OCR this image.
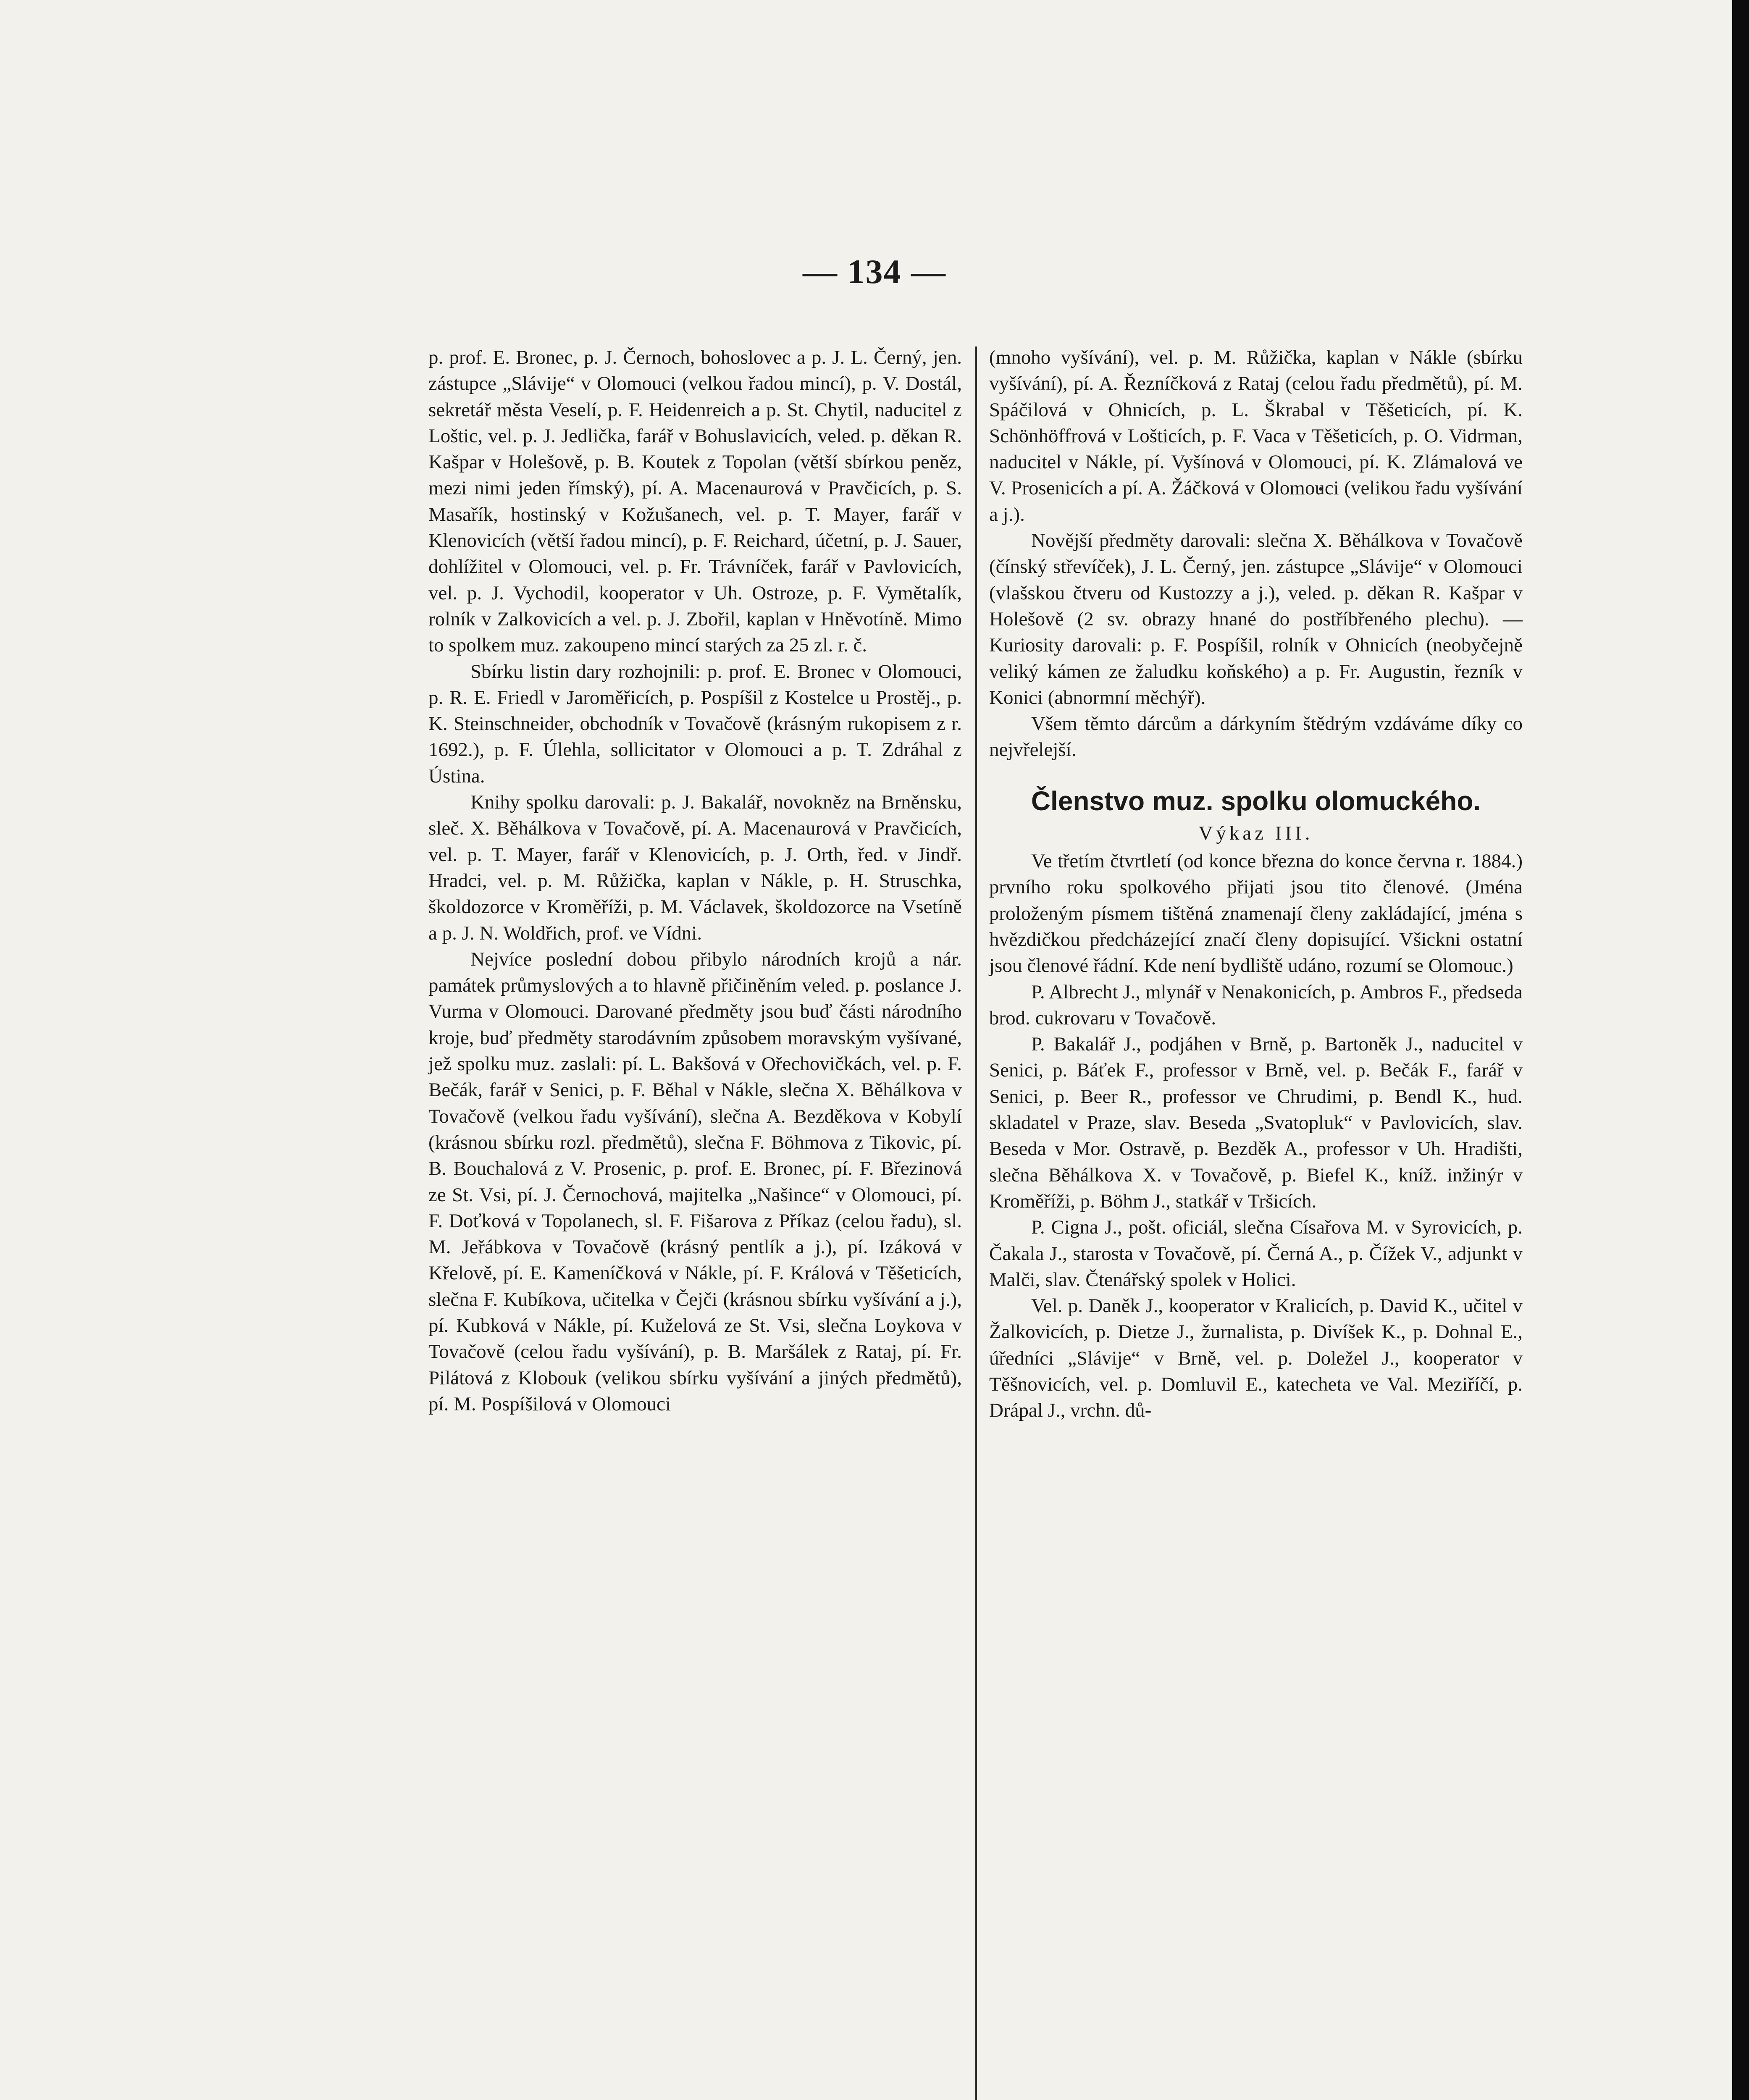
— 134 —

p. prof. E. Bronec, p. J. Černoch, bohoslovec a p. J. L. Černý, jen. zástupce „Slávije“ v Olomouci (velkou řadou mincí), p. V. Dostál, sekretář města Veselí, p. F. Heidenreich a p. St. Chytil, naducitel z Loštic, vel. p. J. Jedlička, farář v Bohuslavicích, veled. p. děkan R. Kašpar v Holešově, p. B. Koutek z Topolan (větší sbírkou peněz, mezi nimi jeden římský), pí. A. Macenaurová v Pravčicích, p. S. Masařík, hostinský v Kožušanech, vel. p. T. Mayer, farář v Klenovicích (větší řadou mincí), p. F. Reichard, účetní, p. J. Sauer, dohlížitel v Olomouci, vel. p. Fr. Trávníček, farář v Pavlovicích, vel. p. J. Vychodil, kooperator v Uh. Ostroze, p. F. Vymětalík, rolník v Zalkovicích a vel. p. J. Zbořil, kaplan v Hněvotíně. Mimo to spolkem muz. zakoupeno mincí starých za 25 zl. r. č.

Sbírku listin dary rozhojnili: p. prof. E. Bronec v Olomouci, p. R. E. Friedl v Jaroměřicích, p. Pospíšil z Kostelce u Prostěj., p. K. Steinschneider, obchodník v Tovačově (krásným rukopisem z r. 1692.), p. F. Úlehla, sollicitator v Olomouci a p. T. Zdráhal z Ústina.

Knihy spolku darovali: p. J. Bakalář, novokněz na Brněnsku, sleč. X. Běhálkova v Tovačově, pí. A. Macenaurová v Pravčicích, vel. p. T. Mayer, farář v Klenovicích, p. J. Orth, řed. v Jindř. Hradci, vel. p. M. Růžička, kaplan v Nákle, p. H. Struschka, školdozorce v Kroměříži, p. M. Václavek, školdozorce na Vsetíně a p. J. N. Woldřich, prof. ve Vídni.

Nejvíce poslední dobou přibylo národních krojů a nár. památek průmyslových a to hlavně přičiněním veled. p. poslance J. Vurma v Olomouci. Darované předměty jsou buď části národního kroje, buď předměty starodávním způsobem moravským vyšívané, jež spolku muz. zaslali: pí. L. Bakšová v Ořechovičkách, vel. p. F. Bečák, farář v Senici, p. F. Běhal v Nákle, slečna X. Běhálkova v Tovačově (velkou řadu vyšívání), slečna A. Bezděkova v Kobylí (krásnou sbírku rozl. předmětů), slečna F. Böhmova z Tikovic, pí. B. Bouchalová z V. Prosenic, p. prof. E. Bronec, pí. F. Březinová ze St. Vsi, pí. J. Černochová, majitelka „Našince“ v Olomouci, pí. F. Doťková v Topolanech, sl. F. Fišarova z Příkaz (celou řadu), sl. M. Jeřábkova v Tovačově (krásný pentlík a j.), pí. Izáková v Křelově, pí. E. Kameníčková v Nákle, pí. F. Králová v Těšeticích, slečna F. Kubíkova, učitelka v Čejči (krásnou sbírku vyšívání a j.), pí. Kubková v Nákle, pí. Kuželová ze St. Vsi, slečna Loykova v Tovačově (celou řadu vyšívání), p. B. Maršálek z Rataj, pí. Fr. Pilátová z Klobouk (velikou sbírku vyšívání a jiných předmětů), pí. M. Pospíšilová v Olomouci

(mnoho vyšívání), vel. p. M. Růžička, kaplan v Nákle (sbírku vyšívání), pí. A. Řezníčková z Rataj (celou řadu předmětů), pí. M. Spáčilová v Ohnicích, p. L. Škrabal v Těšeticích, pí. K. Schönhöffrová v Lošticích, p. F. Vaca v Těšeticích, p. O. Vidrman, naducitel v Nákle, pí. Vyšínová v Olomouci, pí. K. Zlámalová ve V. Prosenicích a pí. A. Žáčková v Olomouci (velikou řadu vyšívání a j.).

Novější předměty darovali: slečna X. Běhálkova v Tovačově (čínský střevíček), J. L. Černý, jen. zástupce „Slávije“ v Olomouci (vlašskou čtveru od Kustozzy a j.), veled. p. děkan R. Kašpar v Holešově (2 sv. obrazy hnané do postříbřeného plechu). — Kuriosity darovali: p. F. Pospíšil, rolník v Ohnicích (neobyčejně veliký kámen ze žaludku koňského) a p. Fr. Augustin, řezník v Konici (abnormní měchýř).

Všem těmto dárcům a dárkyním štědrým vzdáváme díky co nejvřelejší.

Členstvo muz. spolku olomuckého.

Výkaz III.

Ve třetím čtvrtletí (od konce března do konce června r. 1884.) prvního roku spolkového přijati jsou tito členové. (Jména proloženým písmem tištěná znamenají členy zakládající, jména s hvězdičkou předcházející značí členy dopisující. Všickni ostatní jsou členové řádní. Kde není bydliště udáno, rozumí se Olomouc.)

P. Albrecht J., mlynář v Nenakonicích, p. Ambros F., předseda brod. cukrovaru v Tovačově.

P. Bakalář J., podjáhen v Brně, p. Bartoněk J., naducitel v Senici, p. Báťek F., professor v Brně, vel. p. Bečák F., farář v Senici, p. Beer R., professor ve Chrudimi, p. Bendl K., hud. skladatel v Praze, slav. Beseda „Svatopluk“ v Pavlovicích, slav. Beseda v Mor. Ostravě, p. Bezděk A., professor v Uh. Hradišti, slečna Běhálkova X. v Tovačově, p. Biefel K., kníž. inžinýr v Kroměříži, p. Böhm J., statkář v Tršicích.

P. Cigna J., pošt. oficiál, slečna Císařova M. v Syrovicích, p. Čakala J., starosta v Tovačově, pí. Černá A., p. Čížek V., adjunkt v Malči, slav. Čtenářský spolek v Holici.

Vel. p. Daněk J., kooperator v Kralicích, p. David K., učitel v Žalkovicích, p. Dietze J., žurnalista, p. Divíšek K., p. Dohnal E., úředníci „Slávije“ v Brně, vel. p. Doležel J., kooperator v Těšnovicích, vel. p. Domluvil E., katecheta ve Val. Meziříčí, p. Drápal J., vrchn. dů-
